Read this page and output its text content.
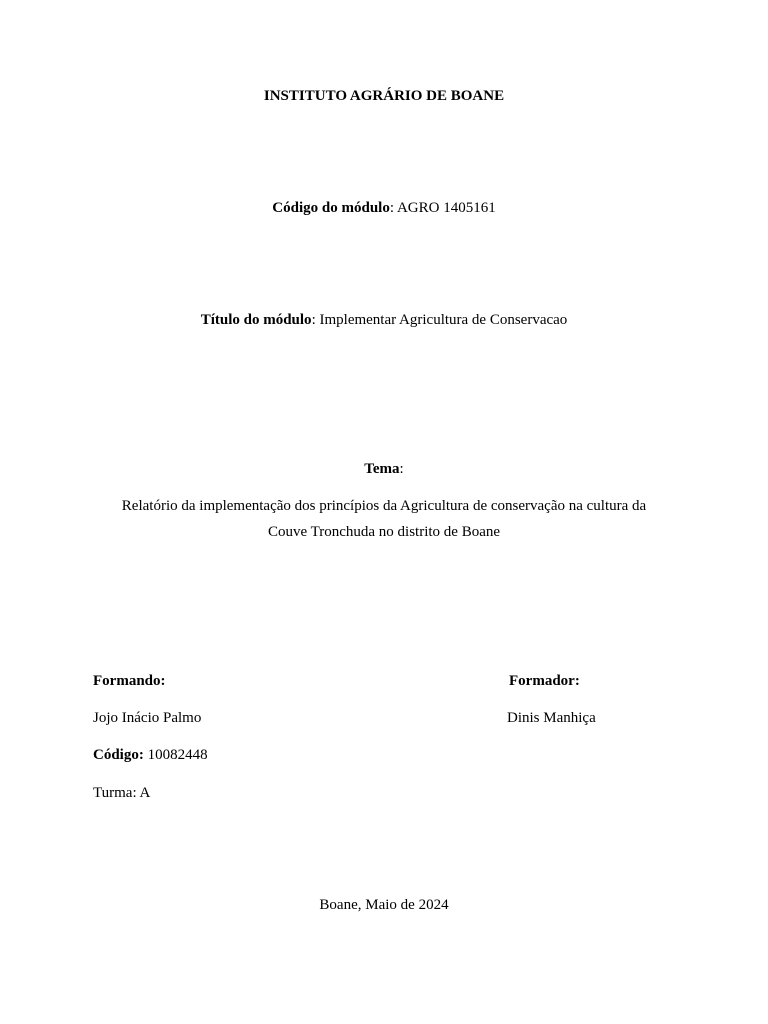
INSTITUTO AGRÁRIO DE BOANE
Código do módulo: AGRO 1405161
Título do módulo: Implementar Agricultura de Conservacao
Tema:
Relatório da implementação dos princípios da Agricultura de conservação na cultura da
Couve Tronchuda no distrito de Boane
Formando:
Jojo Inácio Palmo
Código: 10082448
Turma: A
Formador:
Dinis Manhiça
Boane, Maio de 2024
